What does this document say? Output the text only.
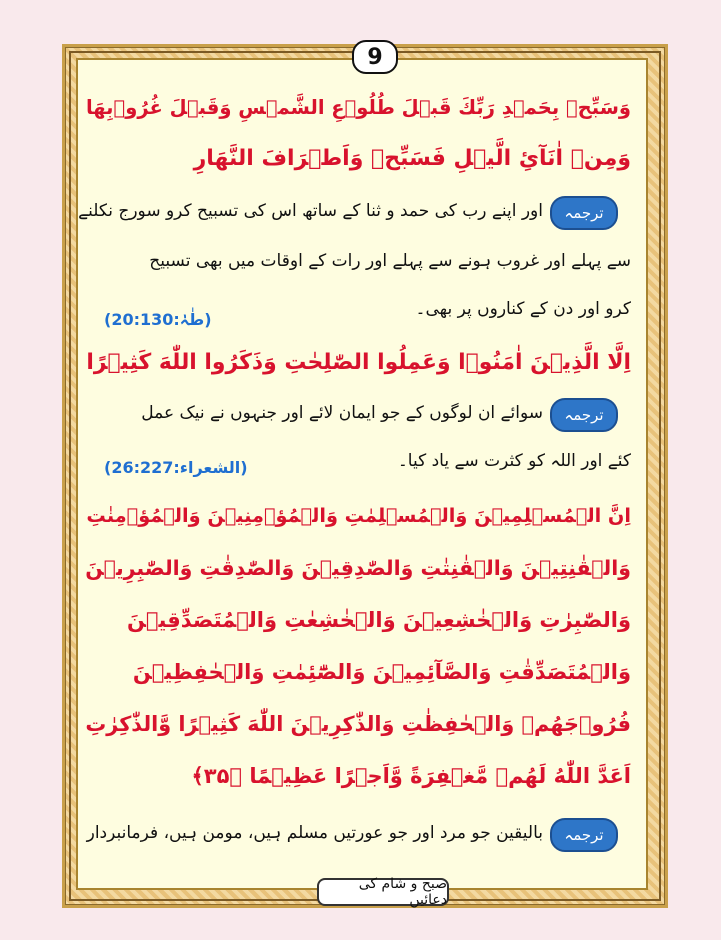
9
وَسَبِّحۡ بِحَمۡدِ رَبِّكَ قَبۡلَ طُلُوۡعِ الشَّمۡسِ وَقَبۡلَ غُرُوۡبِهَا
وَمِنۡ اٰنَآئِ الَّيۡلِ فَسَبِّحۡ وَاَطۡرَافَ النَّهَارِ
ترجمہ
اور اپنے رب کی حمد و ثنا کے ساتھ اس کی تسبیح کرو سورج نکلنے
سے پہلے اور غروب ہونے سے پہلے اور رات کے اوقات میں بھی تسبیح
کرو اور دن کے کناروں پر بھی۔
(20:طٰہٰ:130)
اِلَّا الَّذِيۡنَ اٰمَنُوۡا وَعَمِلُوا الصّٰلِحٰتِ وَذَكَرُوا اللّٰهَ كَثِيۡرًا
ترجمہ
سوائے ان لوگوں کے جو ایمان لائے اور جنہوں نے نیک عمل
کئے اور اللہ کو کثرت سے یاد کیا۔
(26:الشعراء:227)
اِنَّ الۡمُسۡلِمِيۡنَ وَالۡمُسۡلِمٰتِ وَالۡمُؤۡمِنِيۡنَ وَالۡمُؤۡمِنٰتِ
وَالۡقٰنِتِيۡنَ وَالۡقٰنِتٰتِ وَالصّٰدِقِيۡنَ وَالصّٰدِقٰتِ وَالصّٰبِرِيۡنَ
وَالصّٰبِرٰتِ وَالۡخٰشِعِيۡنَ وَالۡخٰشِعٰتِ وَالۡمُتَصَدِّقِيۡنَ
وَالۡمُتَصَدِّقٰتِ وَالصَّآئِمِيۡنَ وَالصّٰٓئِمٰتِ وَالۡحٰفِظِيۡنَ
فُرُوۡجَهُمۡ وَالۡحٰفِظٰتِ وَالذّٰكِرِيۡنَ اللّٰهَ كَثِيۡرًا وَّالذّٰكِرٰتِ
اَعَدَّ اللّٰهُ لَهُمۡ مَّغۡفِرَةً وَّاَجۡرًا عَظِيۡمًا ﴿۳۵﴾
ترجمہ
بالیقین جو مرد اور جو عورتیں مسلم ہیں، مومن ہیں، فرمانبردار
صبح و شام کی دعائیں
